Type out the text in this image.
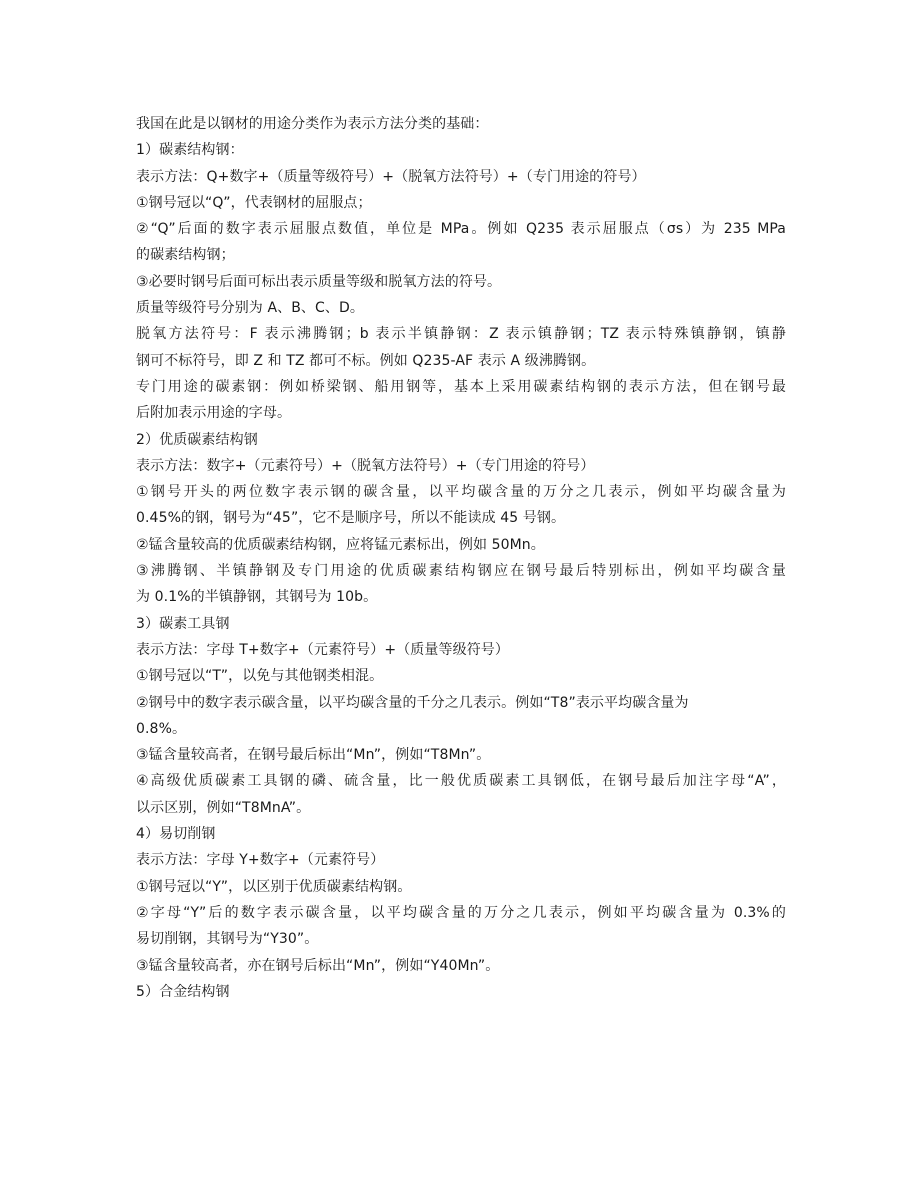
我国在此是以钢材的用途分类作为表示方法分类的基础：
1）碳素结构钢：
表示方法：Q+数字+（质量等级符号）+（脱氧方法符号）+（专门用途的符号）
①钢号冠以“Q”，代表钢材的屈服点；
②“Q”后面的数字表示屈服点数值，单位是 MPa。例如 Q235 表示屈服点（σs）为 235 MPa
的碳素结构钢；
③必要时钢号后面可标出表示质量等级和脱氧方法的符号。
质量等级符号分别为 A、B、C、D。
脱氧方法符号：F 表示沸腾钢；b 表示半镇静钢：Z 表示镇静钢；TZ 表示特殊镇静钢，镇静
钢可不标符号，即 Z 和 TZ 都可不标。例如 Q235-AF 表示 A 级沸腾钢。
专门用途的碳素钢：例如桥梁钢、船用钢等，基本上采用碳素结构钢的表示方法，但在钢号最
后附加表示用途的字母。
2）优质碳素结构钢
表示方法：数字+（元素符号）+（脱氧方法符号）+（专门用途的符号）
①钢号开头的两位数字表示钢的碳含量，以平均碳含量的万分之几表示，例如平均碳含量为
0.45%的钢，钢号为“45”，它不是顺序号，所以不能读成 45 号钢。
②锰含量较高的优质碳素结构钢，应将锰元素标出，例如 50Mn。
③沸腾钢、半镇静钢及专门用途的优质碳素结构钢应在钢号最后特别标出，例如平均碳含量
为 0.1%的半镇静钢，其钢号为 10b。
3）碳素工具钢
表示方法：字母 T+数字+（元素符号）+（质量等级符号）
①钢号冠以“T”，以免与其他钢类相混。
②钢号中的数字表示碳含量，以平均碳含量的千分之几表示。例如“T8”表示平均碳含量为
0.8%。
③锰含量较高者，在钢号最后标出“Mn”，例如“T8Mn”。
④高级优质碳素工具钢的磷、硫含量，比一般优质碳素工具钢低，在钢号最后加注字母“A”，
以示区别，例如“T8MnA”。
4）易切削钢
表示方法：字母 Y+数字+（元素符号）
①钢号冠以“Y”，以区别于优质碳素结构钢。
②字母“Y”后的数字表示碳含量，以平均碳含量的万分之几表示，例如平均碳含量为 0.3%的
易切削钢，其钢号为“Y30”。
③锰含量较高者，亦在钢号后标出“Mn”，例如“Y40Mn”。
5）合金结构钢
